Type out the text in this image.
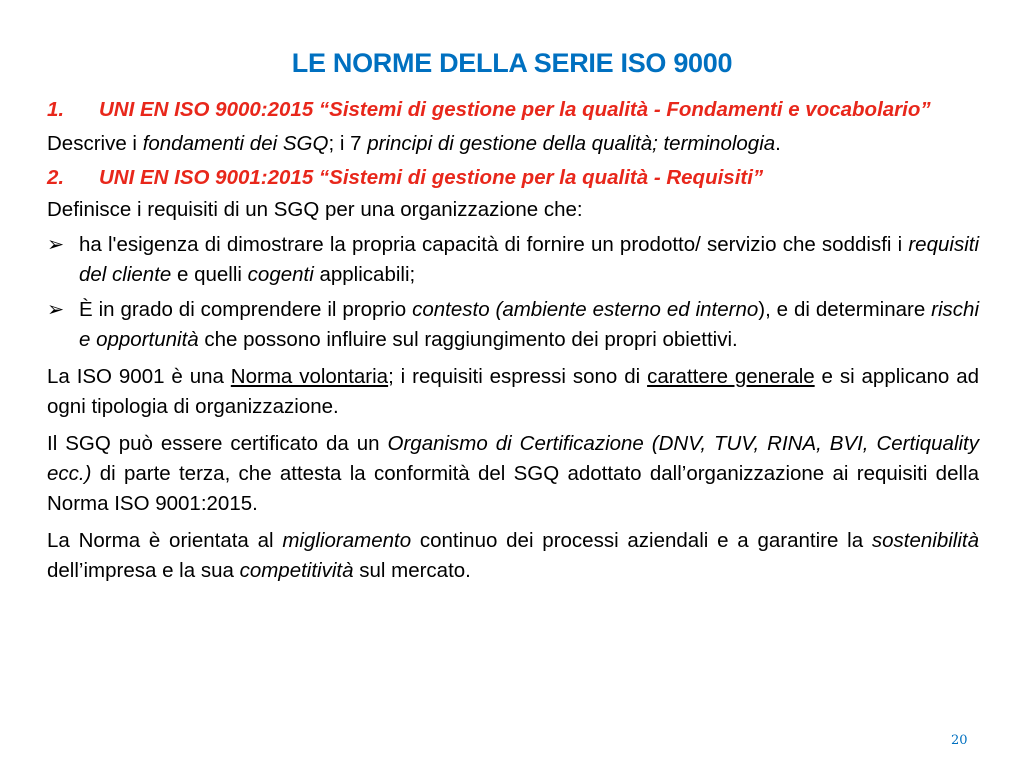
LE NORME DELLA SERIE ISO 9000
1.	UNI EN ISO 9000:2015 “Sistemi di gestione per la qualità - Fondamenti e vocabolario”
Descrive i fondamenti dei SGQ; i 7 principi di gestione della qualità; terminologia.
2.	UNI EN ISO 9001:2015 “Sistemi di gestione per la qualità - Requisiti”
Definisce i requisiti di un SGQ per una organizzazione che:
➢ ha l'esigenza di dimostrare la propria capacità di fornire un prodotto/ servizio che soddisfi i requisiti del cliente e quelli cogenti applicabili;
➢ È in grado di comprendere il proprio contesto (ambiente esterno ed interno), e di determinare rischi e opportunità che possono influire sul raggiungimento dei propri obiettivi.
La ISO 9001 è una Norma volontaria; i requisiti espressi sono di carattere generale e si applicano ad ogni tipologia di organizzazione.
Il SGQ può essere certificato da un Organismo di Certificazione (DNV, TUV, RINA, BVI, Certiquality ecc.) di parte terza, che attesta la conformità del SGQ adottato dall’organizzazione ai requisiti della Norma ISO 9001:2015.
La Norma è orientata al miglioramento continuo dei processi aziendali e a garantire la sostenibilità dell’impresa e la sua competitività sul mercato.
20
